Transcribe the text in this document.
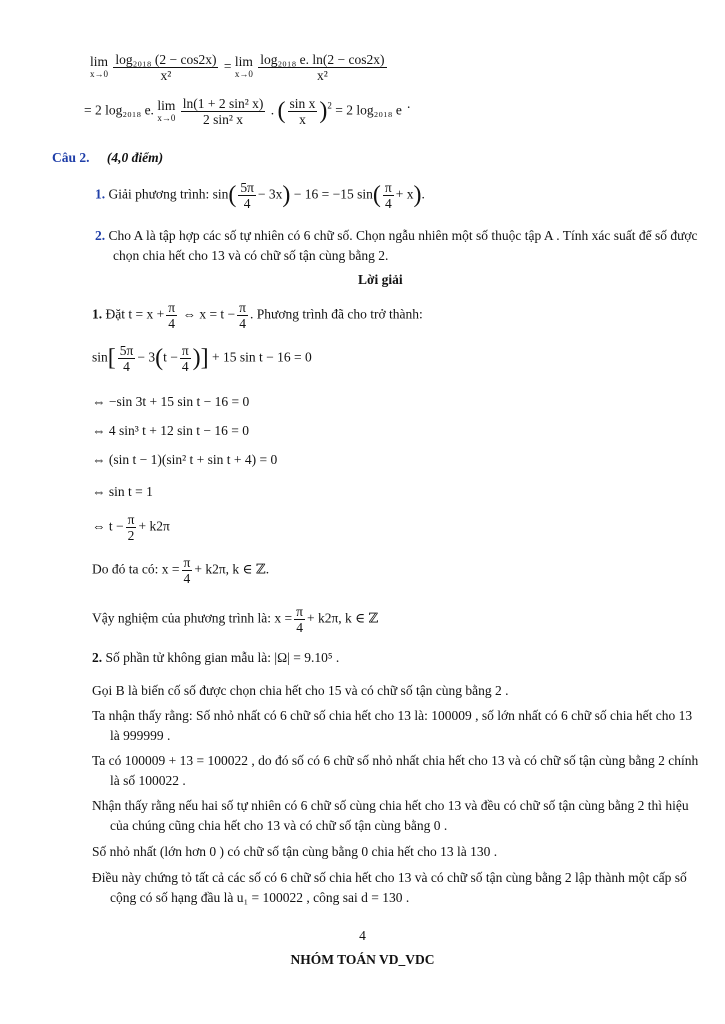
lim
x→0
$\frac{\text{log₂₀₁₈ (2 − cos2x)}}{\text{x²}} = \lim$
x→0
$\frac{\text{log₂₀₁₈ e. ln(2 − cos2x)}}{\text{x²}}$
= 2 log₂₀₁₈ e. lim
x→0
$\frac{\text{ln(1 + 2 sin² x)}}{\text{2 sin² x}}$ . ( $\frac{\text{sin x}}{x} )^2 = 2$ log₂₀₁₈ e .
Câu 2. (4,0 điểm)
1. Giải phương trình: $\sin( \frac{5\pi}{4} - 3x) - 16 = -15$ $\sin( \frac{\pi}{4} + x)$.
2. Cho A là tập hợp các số tự nhiên có 6 chữ số. Chọn ngẫu nhiên một số thuộc tập A . Tính xác suất để số được chọn chia hết cho 13 và có chữ số tận cùng bằng 2.
Lời giải
1. Đặt $t = x + \frac{\pi}{4}$ ⇔ $x = t - \frac{\pi}{4}$ . Phương trình đã cho trở thành:
$\sin[ \frac{5\pi}{4} - 3(t - \frac{\pi}{4}$ )] + 15 sin t − 16 = 0
⇔ −sin 3t + 15 sin t − 16 = 0
⇔ 4 sin³ t + 12 sin t − 16 = 0
⇔ (sin t − 1)(sin² t + sin t + 4) = 0
⇔ sin t = 1
⇔ $t - \frac{\pi}{2} + k2\pi$
Do đó ta có: $x = \frac{\pi}{4} + k2\pi$, k ∈ ℤ.
Vậy nghiệm của phương trình là: $x = \frac{\pi}{4} + k2\pi$, k ∈ ℤ
2. Số phần tử không gian mẫu là: |Ω| = 9.10⁵ .
Gọi B là biến cố số được chọn chia hết cho 15 và có chữ số tận cùng bằng 2 .
Ta nhận thấy rằng: Số nhỏ nhất có 6 chữ số chia hết cho 13 là: 100009 , số lớn nhất có 6 chữ số chia hết cho 13 là 999999 .
Ta có 100009 + 13 = 100022 , do đó số có 6 chữ số nhỏ nhất chia hết cho 13 và có chữ số tận cùng bằng 2 chính là số 100022 .
Nhận thấy rằng nếu hai số tự nhiên có 6 chữ số cùng chia hết cho 13 và đều có chữ số tận cùng bằng 2 thì hiệu của chúng cũng chia hết cho 13 và có chữ số tận cùng bằng 0 .
Số nhỏ nhất (lớn hơn 0 ) có chữ số tận cùng bằng 0 chia hết cho 13 là 130 .
Điều này chứng tỏ tất cả các số có 6 chữ số chia hết cho 13 và có chữ số tận cùng bằng 2 lập thành một cấp số cộng có số hạng đầu là u₁ = 100022 , công sai d = 130 .
4
NHÓM TOÁN VD_VDC
